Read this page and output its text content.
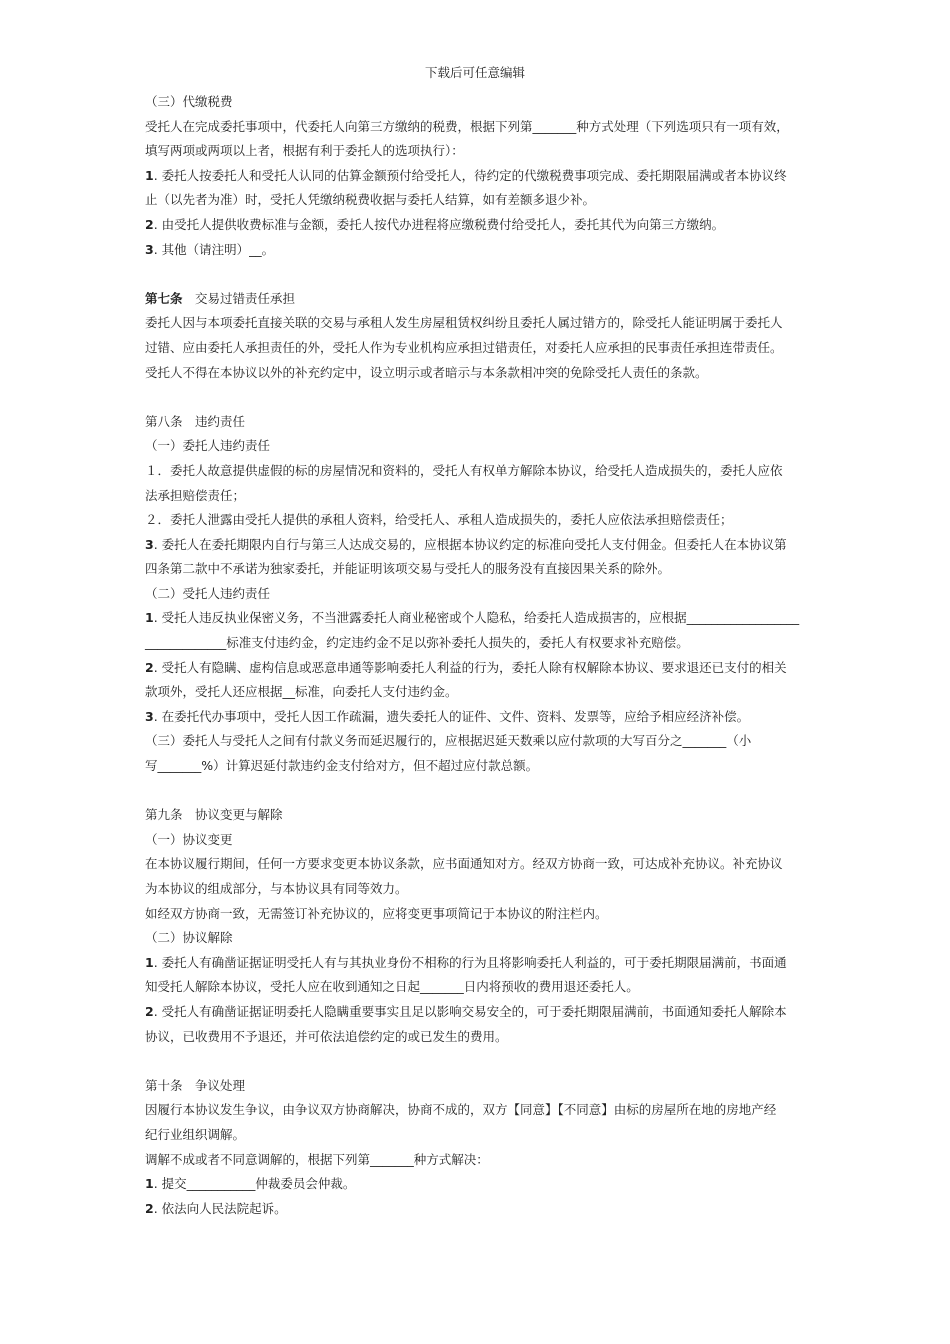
下载后可任意编辑

（三）代缴税费

受托人在完成委托事项中，代委托人向第三方缴纳的税费，根据下列第_______种方式处理（下列选项只有一项有效，

填写两项或两项以上者，根据有利于委托人的选项执行）：

1. 委托人按委托人和受托人认同的估算金额预付给受托人，待约定的代缴税费事项完成、委托期限届满或者本协议终

止（以先者为准）时，受托人凭缴纳税费收据与委托人结算，如有差额多退少补。

2. 由受托人提供收费标准与金额，委托人按代办进程将应缴税费付给受托人，委托其代为向第三方缴纳。

3. 其他（请注明）__。

第七条　交易过错责任承担

委托人因与本项委托直接关联的交易与承租人发生房屋租赁权纠纷且委托人属过错方的，除受托人能证明属于委托人

过错、应由委托人承担责任的外，受托人作为专业机构应承担过错责任，对委托人应承担的民事责任承担连带责任。

受托人不得在本协议以外的补充约定中，设立明示或者暗示与本条款相冲突的免除受托人责任的条款。

第八条　违约责任

（一）委托人违约责任

１．委托人故意提供虚假的标的房屋情况和资料的，受托人有权单方解除本协议，给受托人造成损失的，委托人应依

法承担赔偿责任；

２．委托人泄露由受托人提供的承租人资料，给受托人、承租人造成损失的，委托人应依法承担赔偿责任；

3. 委托人在委托期限内自行与第三人达成交易的，应根据本协议约定的标准向受托人支付佣金。但委托人在本协议第

四条第二款中不承诺为独家委托，并能证明该项交易与受托人的服务没有直接因果关系的除外。

（二）受托人违约责任

1. 受托人违反执业保密义务，不当泄露委托人商业秘密或个人隐私，给委托人造成损害的，应根据__________________

_____________标准支付违约金，约定违约金不足以弥补委托人损失的，委托人有权要求补充赔偿。

2. 受托人有隐瞒、虚构信息或恶意串通等影响委托人利益的行为，委托人除有权解除本协议、要求退还已支付的相关

款项外，受托人还应根据__标准，向委托人支付违约金。

3. 在委托代办事项中，受托人因工作疏漏，遗失委托人的证件、文件、资料、发票等，应给予相应经济补偿。

（三）委托人与受托人之间有付款义务而延迟履行的，应根据迟延天数乘以应付款项的大写百分之_______（小

写_______%）计算迟延付款违约金支付给对方，但不超过应付款总额。

第九条　协议变更与解除

（一）协议变更

在本协议履行期间，任何一方要求变更本协议条款，应书面通知对方。经双方协商一致，可达成补充协议。补充协议

为本协议的组成部分，与本协议具有同等效力。

如经双方协商一致，无需签订补充协议的，应将变更事项简记于本协议的附注栏内。

（二）协议解除

1. 委托人有确凿证据证明受托人有与其执业身份不相称的行为且将影响委托人利益的，可于委托期限届满前，书面通

知受托人解除本协议，受托人应在收到通知之日起_______日内将预收的费用退还委托人。

2. 受托人有确凿证据证明委托人隐瞒重要事实且足以影响交易安全的，可于委托期限届满前，书面通知委托人解除本

协议，已收费用不予退还，并可依法追偿约定的或已发生的费用。

第十条　争议处理

因履行本协议发生争议，由争议双方协商解决，协商不成的，双方【同意】【不同意】由标的房屋所在地的房地产经

纪行业组织调解。

调解不成或者不同意调解的，根据下列第_______种方式解决：

1. 提交___________仲裁委员会仲裁。

2. 依法向人民法院起诉。
